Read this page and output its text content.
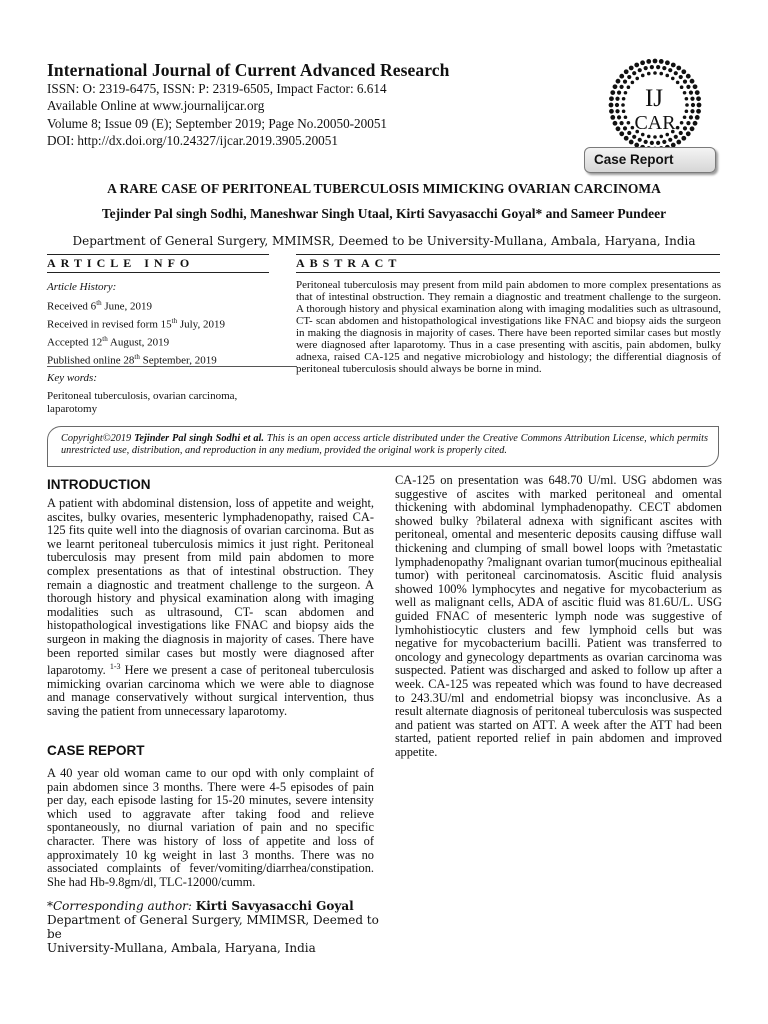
International Journal of Current Advanced Research
ISSN: O: 2319-6475, ISSN: P: 2319-6505, Impact Factor: 6.614
Available Online at www.journalijcar.org
Volume 8; Issue 09 (E); September 2019; Page No.20050-20051
DOI: http://dx.doi.org/10.24327/ijcar.2019.3905.20051
IJ
CAR
Case Report
A RARE CASE OF PERITONEAL TUBERCULOSIS MIMICKING OVARIAN CARCINOMA
Tejinder Pal singh Sodhi, Maneshwar Singh Utaal, Kirti Savyasacchi Goyal* and Sameer Pundeer
Department of General Surgery, MMIMSR, Deemed to be University-Mullana, Ambala, Haryana, India
ARTICLE INFO	ABSTRACT
Article History:
Received 6th June, 2019
Received in revised form 15th July, 2019
Accepted 12th August, 2019
Published online 28th September, 2019
Key words:
Peritoneal tuberculosis, ovarian carcinoma,
laparotomy
Peritoneal tuberculosis may present from mild pain abdomen to more complex presentations as that of intestinal obstruction. They remain a diagnostic and treatment challenge to the surgeon. A thorough history and physical examination along with imaging modalities such as ultrasound, CT- scan abdomen and histopathological investigations like FNAC and biopsy aids the surgeon in making the diagnosis in majority of cases. There have been reported similar cases but mostly were diagnosed after laparotomy. Thus in a case presenting with ascitis, pain abdomen, bulky adnexa, raised CA-125 and negative microbiology and histology; the differential diagnosis of peritoneal tuberculosis should always be borne in mind.
Copyright©2019 Tejinder Pal singh Sodhi et al. This is an open access article distributed under the Creative Commons Attribution License, which permits unrestricted use, distribution, and reproduction in any medium, provided the original work is properly cited.
INTRODUCTION
A patient with abdominal distension, loss of appetite and weight, ascites, bulky ovaries, mesenteric lymphadenopathy, raised CA-125 fits quite well into the diagnosis of ovarian carcinoma. But as we learnt peritoneal tuberculosis mimics it just right. Peritoneal tuberculosis may present from mild pain abdomen to more complex presentations as that of intestinal obstruction. They remain a diagnostic and treatment challenge to the surgeon. A thorough history and physical examination along with imaging modalities such as ultrasound, CT- scan abdomen and histopathological investigations like FNAC and biopsy aids the surgeon in making the diagnosis in majority of cases. There have been reported similar cases but mostly were diagnosed after laparotomy. $^{1-3}$ Here we present a case of peritoneal tuberculosis mimicking ovarian carcinoma which we were able to diagnose and manage conservatively without surgical intervention, thus saving the patient from unnecessary laparotomy.
CASE REPORT
A 40 year old woman came to our opd with only complaint of pain abdomen since 3 months. There were 4-5 episodes of pain per day, each episode lasting for 15-20 minutes, severe intensity which used to aggravate after taking food and relieve spontaneously, no diurnal variation of pain and no specific character. There was history of loss of appetite and loss of approximately 10 kg weight in last 3 months. There was no associated complaints of fever/vomiting/diarrhea/constipation. She had Hb-9.8gm/dl, TLC-12000/cumm.
*Corresponding author: Kirti Savyasacchi Goyal
Department of General Surgery, MMIMSR, Deemed to be
University-Mullana, Ambala, Haryana, India
CA-125 on presentation was 648.70 U/ml. USG abdomen was suggestive of ascites with marked peritoneal and omental thickening with abdominal lymphadenopathy. CECT abdomen showed bulky ?bilateral adnexa with significant ascites with peritoneal, omental and mesenteric deposits causing diffuse wall thickening and clumping of small bowel loops with ?metastatic lymphadenopathy ?malignant ovarian tumor(mucinous epithealial tumor) with peritoneal carcinomatosis. Ascitic fluid analysis showed 100% lymphocytes and negative for mycobacterium as well as malignant cells, ADA of ascitic fluid was 81.6U/L. USG guided FNAC of mesenteric lymph node was suggestive of lymhohistiocytic clusters and few lymphoid cells but was negative for mycobacterium bacilli. Patient was transferred to oncology and gynecology departments as ovarian carcinoma was suspected. Patient was discharged and asked to follow up after a week. CA-125 was repeated which was found to have decreased to 243.3U/ml and endometrial biopsy was inconclusive. As a result alternate diagnosis of peritoneal tuberculosis was suspected and patient was started on ATT. A week after the ATT had been started, patient reported relief in pain abdomen and improved appetite.
